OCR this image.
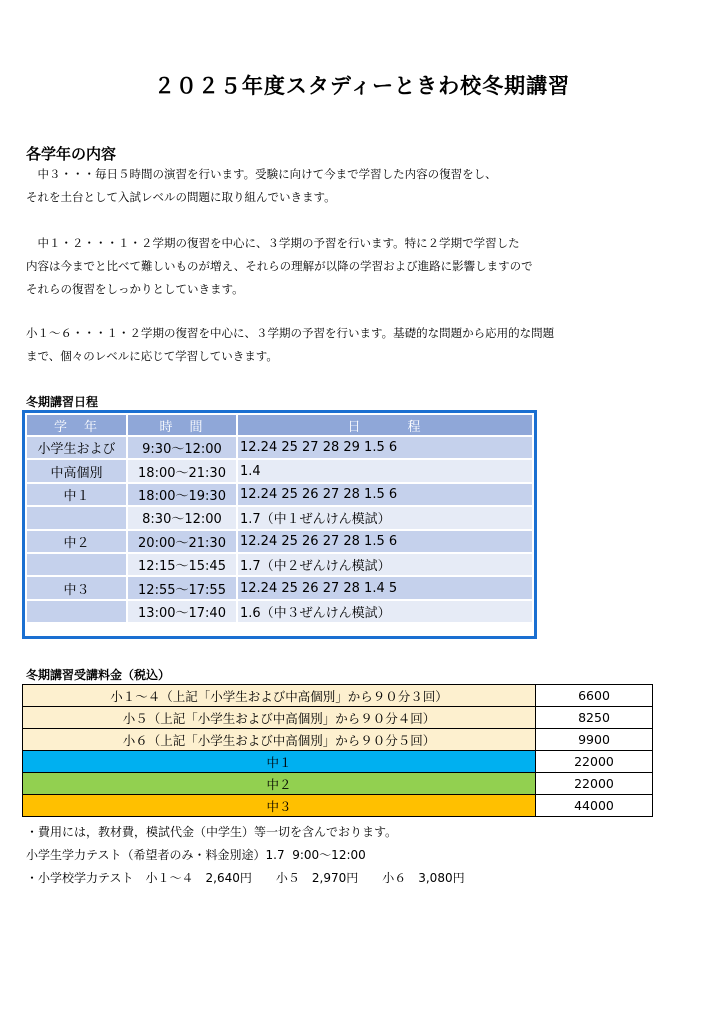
２０２５年度スタディーときわ校冬期講習
各学年の内容
　中３・・・毎日５時間の演習を行います。受験に向けて今まで学習した内容の復習をし、
それを土台として入試レベルの問題に取り組んでいきます。
　中１・２・・・１・２学期の復習を中心に、３学期の予習を行います。特に２学期で学習した
内容は今までと比べて難しいものが増え、それらの理解が以降の学習および進路に影響しますので
それらの復習をしっかりとしていきます。
小１～６・・・１・２学期の復習を中心に、３学期の予習を行います。基礎的な問題から応用的な問題
まで、個々のレベルに応じて学習していきます。
冬期講習日程
学　年	時　間	日　　　程
小学生および	9:30～12:00	12.24 25 27 28 29 1.5 6
中高個別	18:00～21:30	1.4
中１	18:00～19:30	12.24 25 26 27 28 1.5 6
	8:30～12:00	1.7（中１ぜんけん模試）
中２	20:00～21:30	12.24 25 26 27 28 1.5 6
	12:15～15:45	1.7（中２ぜんけん模試）
中３	12:55～17:55	12.24 25 26 27 28 1.4 5
	13:00～17:40	1.6（中３ぜんけん模試）
冬期講習受講料金（税込）
小１～４（上記「小学生および中高個別」から９０分３回）	6600
小５（上記「小学生および中高個別」から９０分４回）	8250
小６（上記「小学生および中高個別」から９０分５回）	9900
中１	22000
中２	22000
中３	44000
・費用には，教材費，模試代金（中学生）等一切を含んでおります。
小学生学力テスト（希望者のみ・料金別途）1.7  9:00～12:00
・小学校学力テスト　小１～４　2,640円　　小５　2,970円　　小６　3,080円
